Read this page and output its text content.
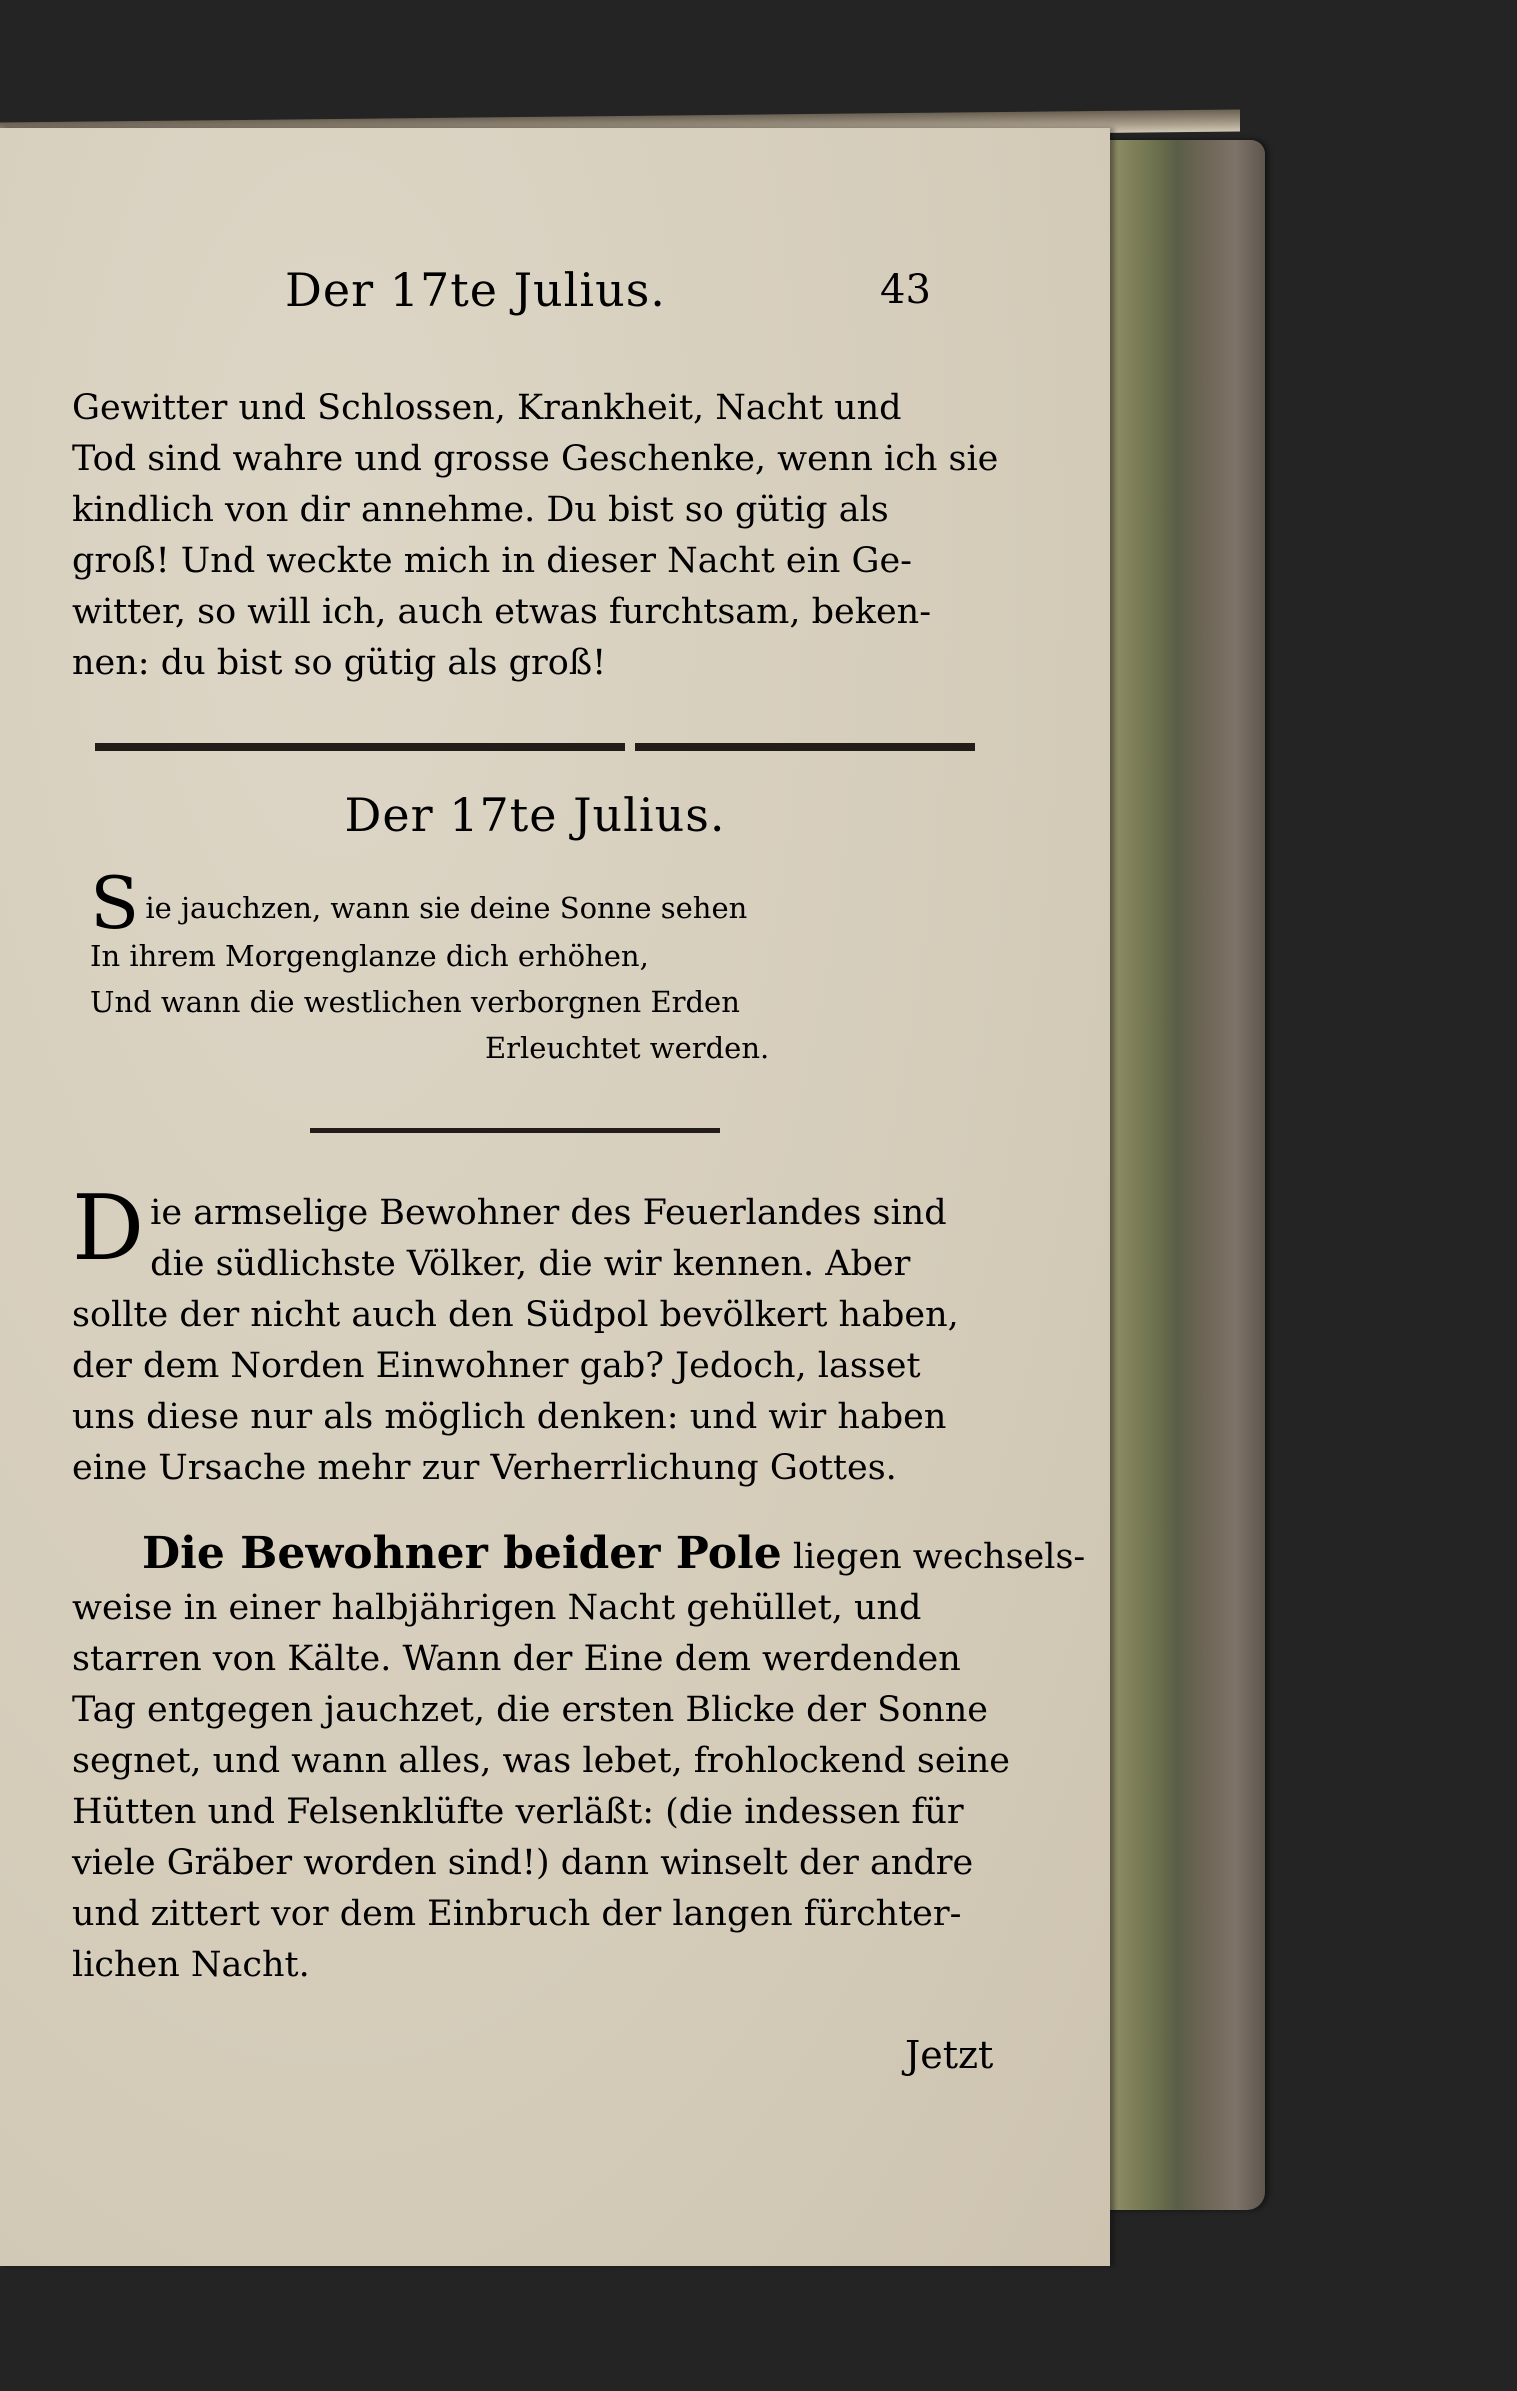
Der 17te Julius.	43

Gewitter und Schlossen, Krankheit, Nacht und
Tod sind wahre und grosse Geschenke, wenn ich sie
kindlich von dir annehme. Du bist so gütig als
groß! Und weckte mich in dieser Nacht ein Ge-
witter, so will ich, auch etwas furchtsam, beken-
nen: du bist so gütig als groß!

Der 17te Julius.
S ie jauchzen, wann sie deine Sonne sehen
In ihrem Morgenglanze dich erhöhen,
Und wann die westlichen verborgnen Erden
Erleuchtet werden.
D ie armselige Bewohner des Feuerlandes sind
die südlichste Völker, die wir kennen. Aber
sollte der nicht auch den Südpol bevölkert haben,
der dem Norden Einwohner gab? Jedoch, lasset
uns diese nur als möglich denken: und wir haben
eine Ursache mehr zur Verherrlichung Gottes.
Die Bewohner beider Pole liegen wechsels-
weise in einer halbjährigen Nacht gehüllet, und
starren von Kälte. Wann der Eine dem werdenden
Tag entgegen jauchzet, die ersten Blicke der Sonne
segnet, und wann alles, was lebet, frohlockend seine
Hütten und Felsenklüfte verläßt: (die indessen für
viele Gräber worden sind!) dann winselt der andre
und zittert vor dem Einbruch der langen fürchter-
lichen Nacht.
Jetzt
